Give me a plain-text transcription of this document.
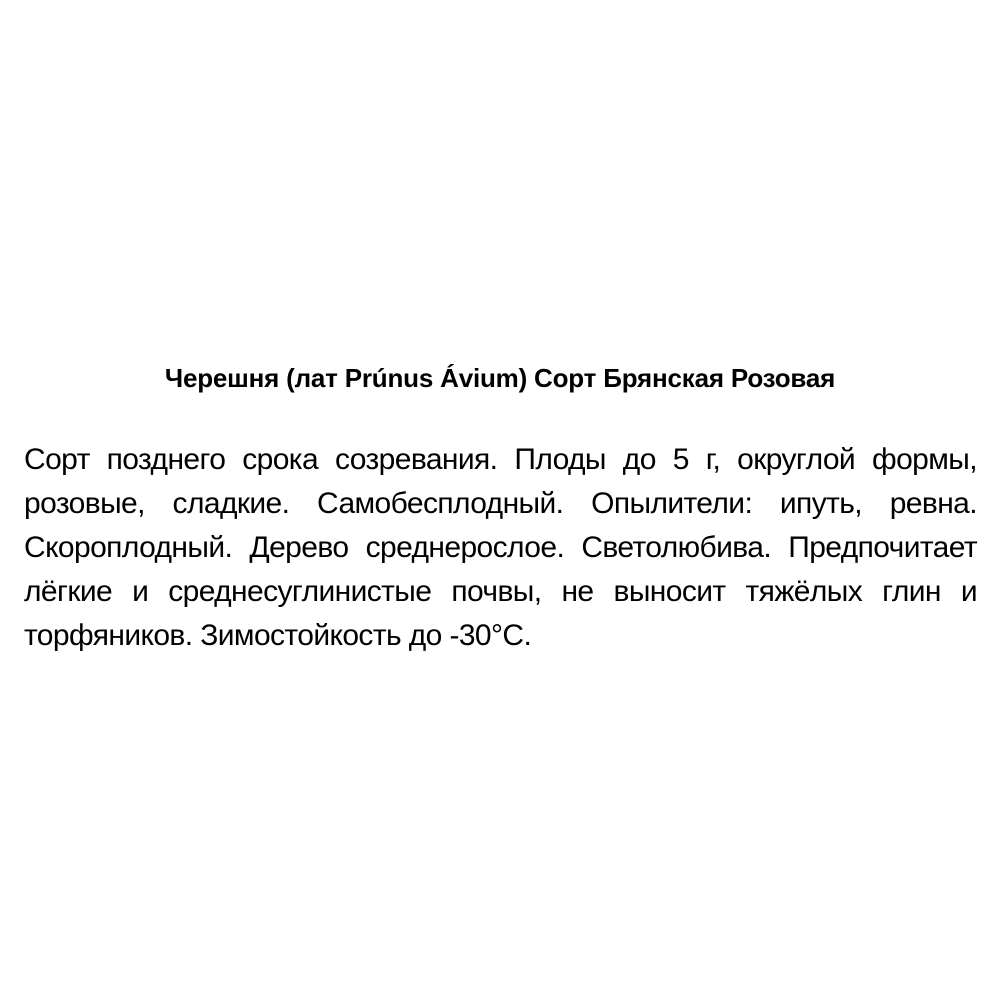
Черешня (лат Prúnus Ávium) Сорт Брянская Розовая
Сорт позднего срока созревания. Плоды до 5 г, округлой формы,
розовые, сладкие. Самобесплодный. Опылители: ипуть, ревна.
Скороплодный. Дерево среднерослое. Светолюбива. Предпочитает
лёгкие и среднесуглинистые почвы, не выносит тяжёлых глин и
торфяников. Зимостойкость до -30°С.
